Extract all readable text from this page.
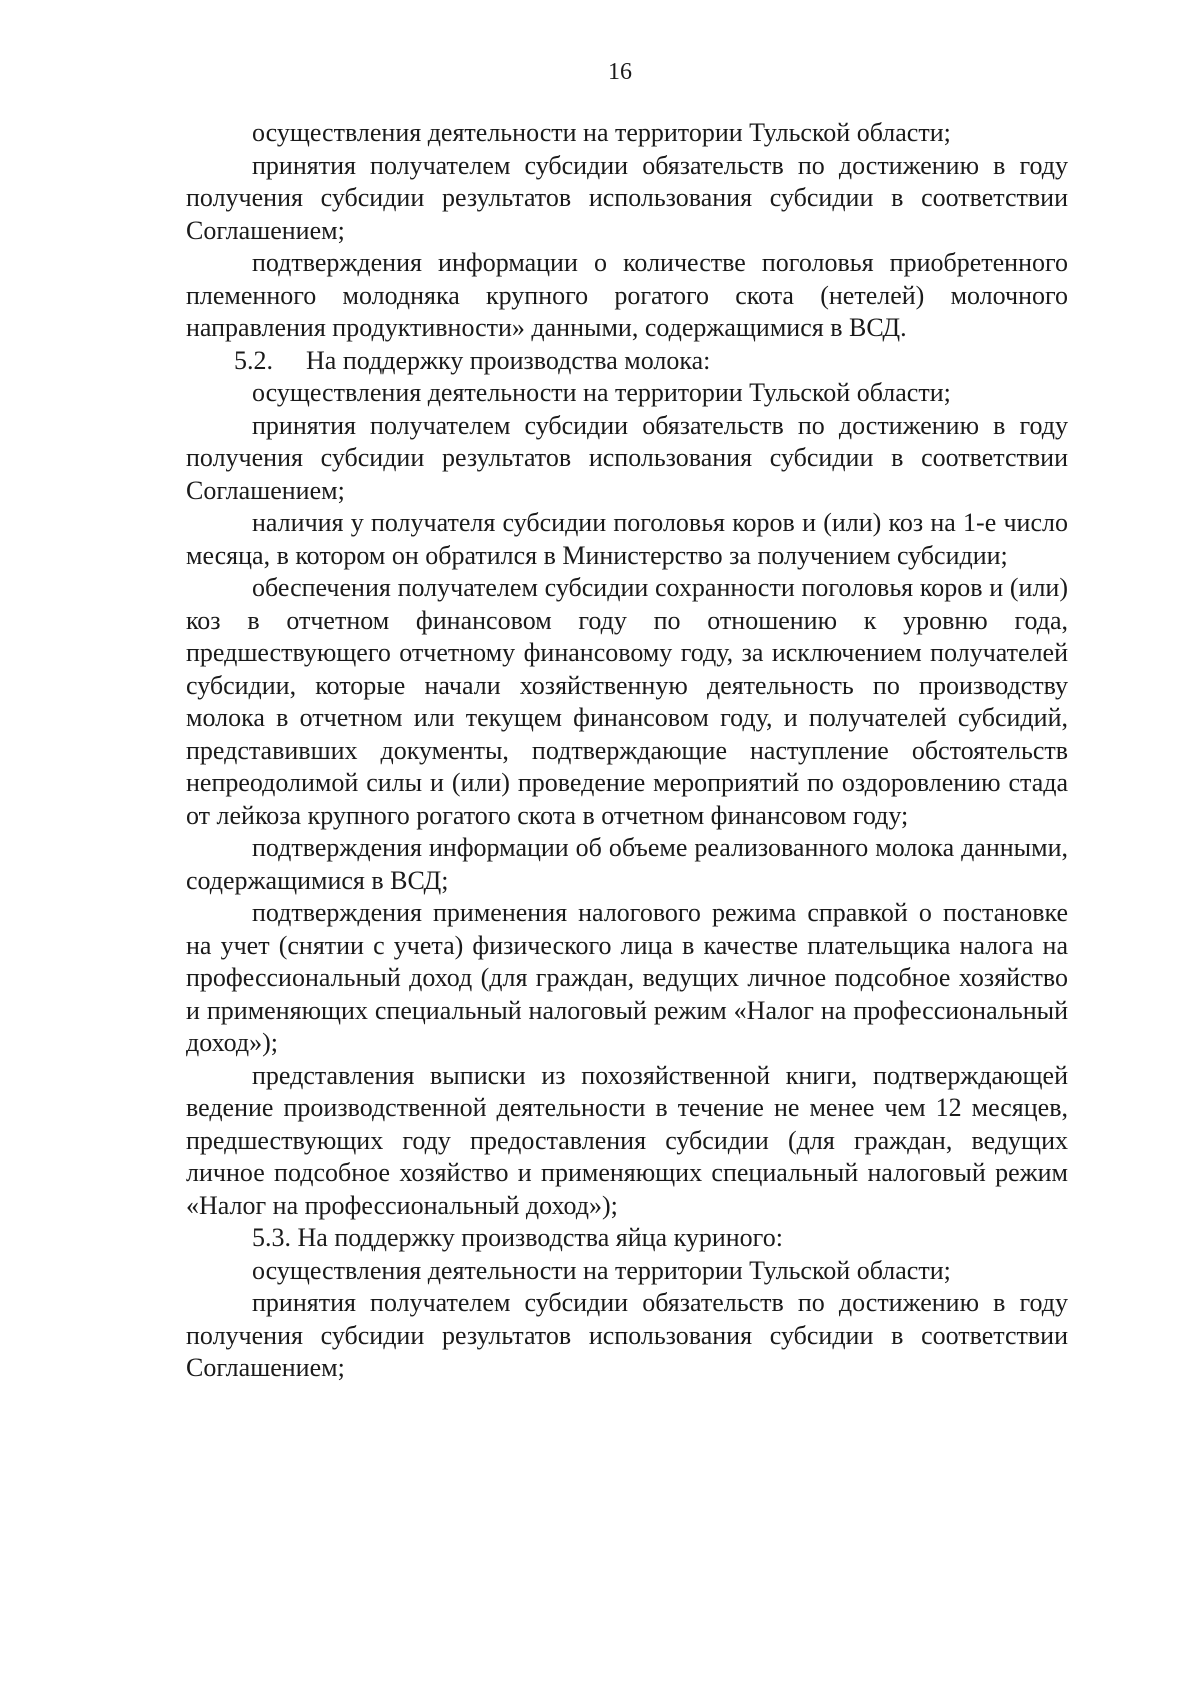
16

осуществления деятельности на территории Тульской области;

принятия получателем субсидии обязательств по достижению в году получения субсидии результатов использования субсидии в соответствии Соглашением;

подтверждения информации о количестве поголовья приобретенного племенного молодняка крупного рогатого скота (нетелей) молочного направления продуктивности» данными, содержащимися в ВСД.

5.2. На поддержку производства молока:

осуществления деятельности на территории Тульской области;

принятия получателем субсидии обязательств по достижению в году получения субсидии результатов использования субсидии в соответствии Соглашением;

наличия у получателя субсидии поголовья коров и (или) коз на 1-е число месяца, в котором он обратился в Министерство за получением субсидии;

обеспечения получателем субсидии сохранности поголовья коров и (или) коз в отчетном финансовом году по отношению к уровню года, предшествующего отчетному финансовому году, за исключением получателей субсидии, которые начали хозяйственную деятельность по производству молока в отчетном или текущем финансовом году, и получателей субсидий, представивших документы, подтверждающие наступление обстоятельств непреодолимой силы и (или) проведение мероприятий по оздоровлению стада от лейкоза крупного рогатого скота в отчетном финансовом году;

подтверждения информации об объеме реализованного молока данными, содержащимися в ВСД;

подтверждения применения налогового режима справкой о постановке на учет (снятии с учета) физического лица в качестве плательщика налога на профессиональный доход (для граждан, ведущих личное подсобное хозяйство и применяющих специальный налоговый режим «Налог на профессиональный доход»);

представления выписки из похозяйственной книги, подтверждающей ведение производственной деятельности в течение не менее чем 12 месяцев, предшествующих году предоставления субсидии (для граждан, ведущих личное подсобное хозяйство и применяющих специальный налоговый режим «Налог на профессиональный доход»);

5.3. На поддержку производства яйца куриного:

осуществления деятельности на территории Тульской области;

принятия получателем субсидии обязательств по достижению в году получения субсидии результатов использования субсидии в соответствии Соглашением;
